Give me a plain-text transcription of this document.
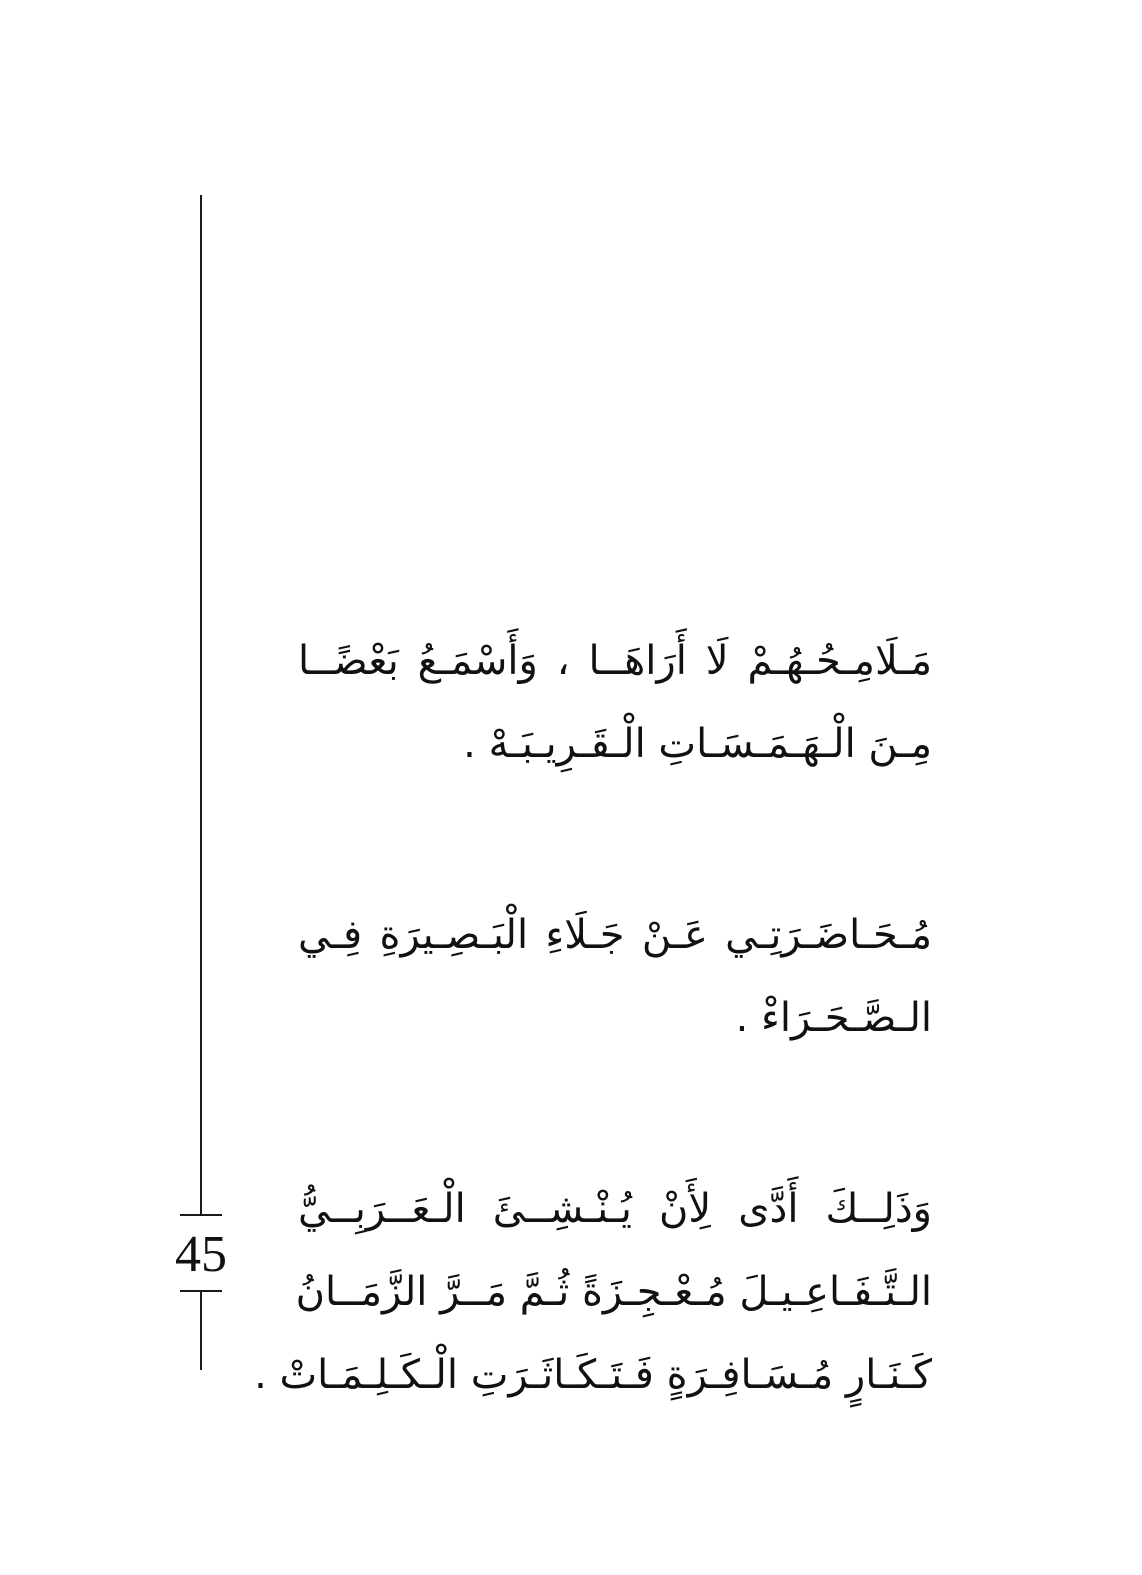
45
مَـلَامِـحُـهُـمْ لَا أَرَاهَــا ، وَأَسْمَـعُ بَعْضًــا
مِـنَ الْـهَـمَـسَـاتِ الْـقَـرِيـبَـهْ .
مُـحَـاضَـرَتِـي عَـنْ جَـلَاءِ الْبَـصِـيرَةِ فِـي
الـصَّـحَـرَاءْ .
وَذَلِــكَ أَدَّى لِأَنْ يُـنْـشِــئَ الْـعَــرَبِــيُّ
الـتَّـفَـاعِـيـلَ مُـعْـجِـزَةً ثُـمَّ مَــرَّ الزَّمَــانُ
كَـنَـارٍ مُـسَـافِـرَةٍ فَـتَـكَـاثَـرَتِ الْـكَـلِـمَـاتْ .
